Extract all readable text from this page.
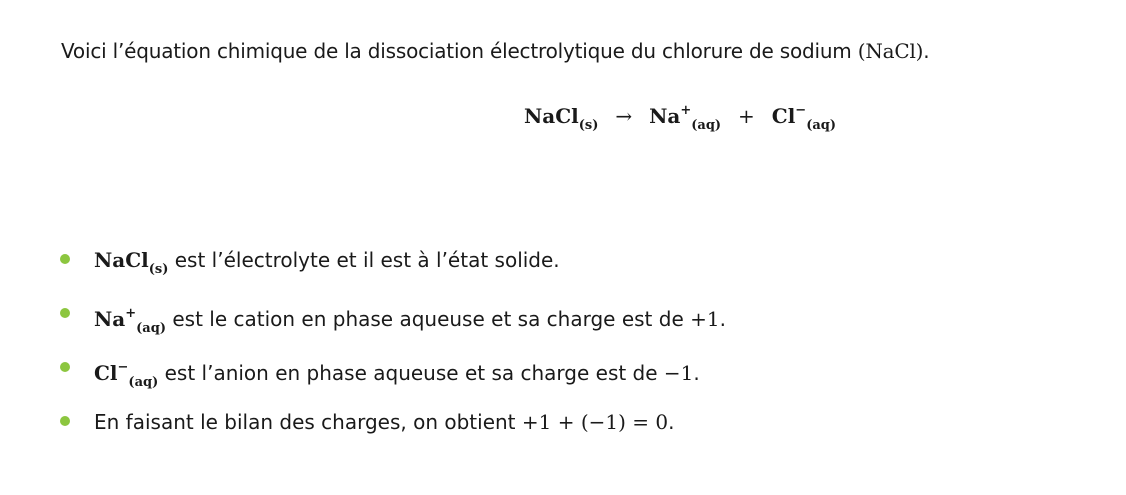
Voici l’équation chimique de la dissociation électrolytique du chlorure de sodium (NaCl).
NaCl$_{(s)}$ → $Na^+_{(aq)} + Cl^-_{(aq)}$
NaCl$_{(s)}$ est l’électrolyte et il est à l’état solide.
$Na^+_{(aq)}$ est le cation en phase aqueuse et sa charge est de +1.
$Cl^-_{(aq)}$ est l’anion en phase aqueuse et sa charge est de −1.
En faisant le bilan des charges, on obtient +1 + (−1) = 0.
